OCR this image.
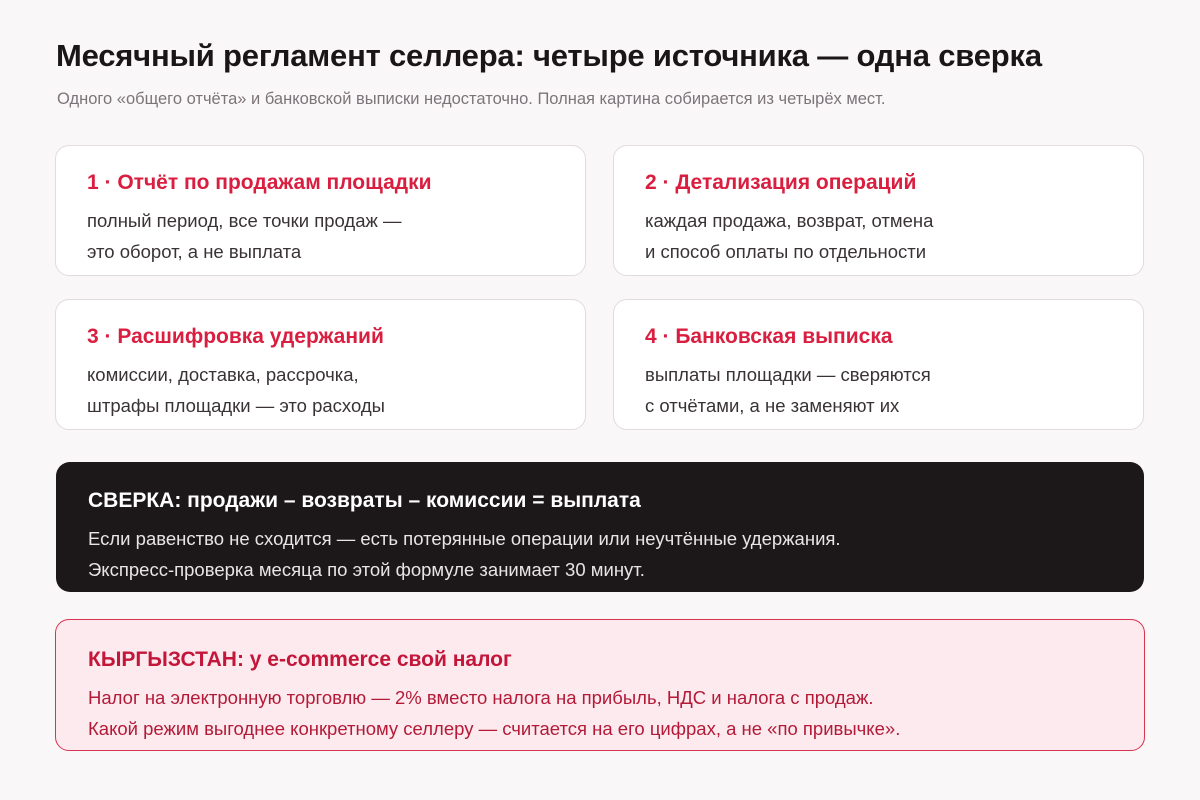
Месячный регламент селлера: четыре источника — одна сверка

Одного «общего отчёта» и банковской выписки недостаточно. Полная картина собирается из четырёх мест.

1 · Отчёт по продажам площадки
полный период, все точки продаж —
это оборот, а не выплата
2 · Детализация операций
каждая продажа, возврат, отмена
и способ оплаты по отдельности
3 · Расшифровка удержаний
комиссии, доставка, рассрочка,
штрафы площадки — это расходы
4 · Банковская выписка
выплаты площадки — сверяются
с отчётами, а не заменяют их
СВЕРКА: продажи – возвраты – комиссии = выплата
Если равенство не сходится — есть потерянные операции или неучтённые удержания.
Экспресс-проверка месяца по этой формуле занимает 30 минут.
КЫРГЫЗСТАН: у e-commerce свой налог
Налог на электронную торговлю — 2% вместо налога на прибыль, НДС и налога с продаж.
Какой режим выгоднее конкретному селлеру — считается на его цифрах, а не «по привычке».
